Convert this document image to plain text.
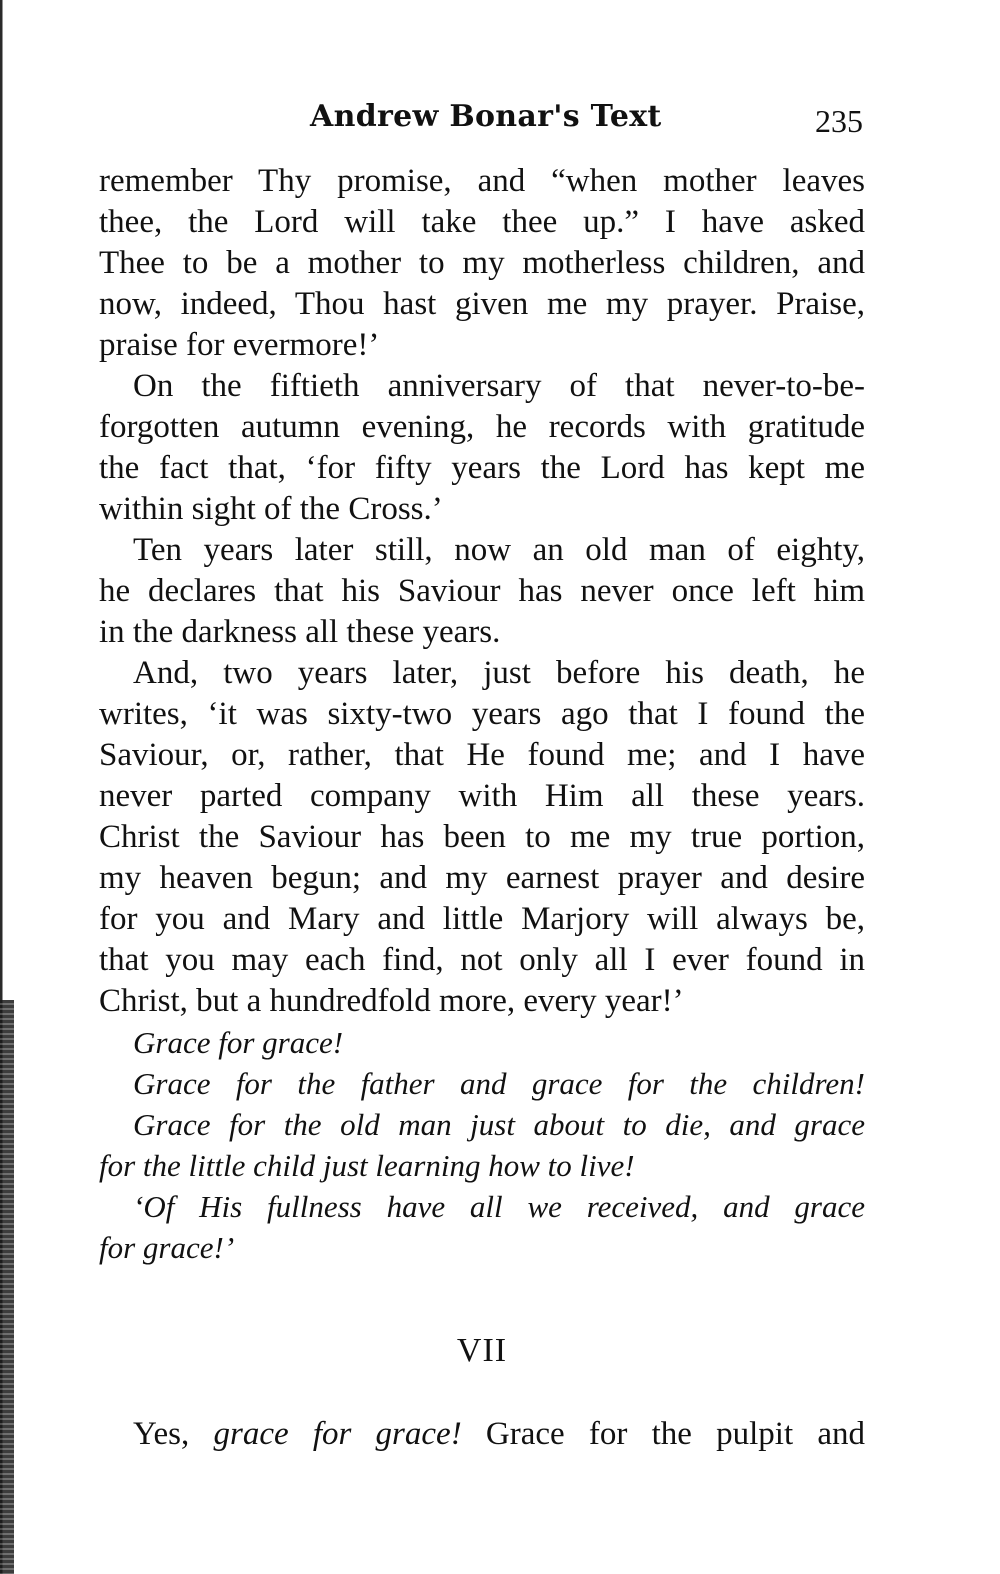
Andrew Bonar's Text	235
remember Thy promise, and “when mother leaves
thee, the Lord will take thee up.” I have asked
Thee to be a mother to my motherless children, and
now, indeed, Thou hast given me my prayer. Praise,
praise for evermore!’
On the fiftieth anniversary of that never-to-be-
forgotten autumn evening, he records with gratitude
the fact that, ‘for fifty years the Lord has kept me
within sight of the Cross.’
Ten years later still, now an old man of eighty,
he declares that his Saviour has never once left him
in the darkness all these years.
And, two years later, just before his death, he
writes, ‘it was sixty-two years ago that I found the
Saviour, or, rather, that He found me; and I have
never parted company with Him all these years.
Christ the Saviour has been to me my true portion,
my heaven begun; and my earnest prayer and desire
for you and Mary and little Marjory will always be,
that you may each find, not only all I ever found in
Christ, but a hundredfold more, every year!’
Grace for grace!
Grace for the father and grace for the children!
Grace for the old man just about to die, and grace
for the little child just learning how to live!
‘Of His fullness have all we received, and grace
for grace!’
VII
Yes, grace for grace! Grace for the pulpit and
